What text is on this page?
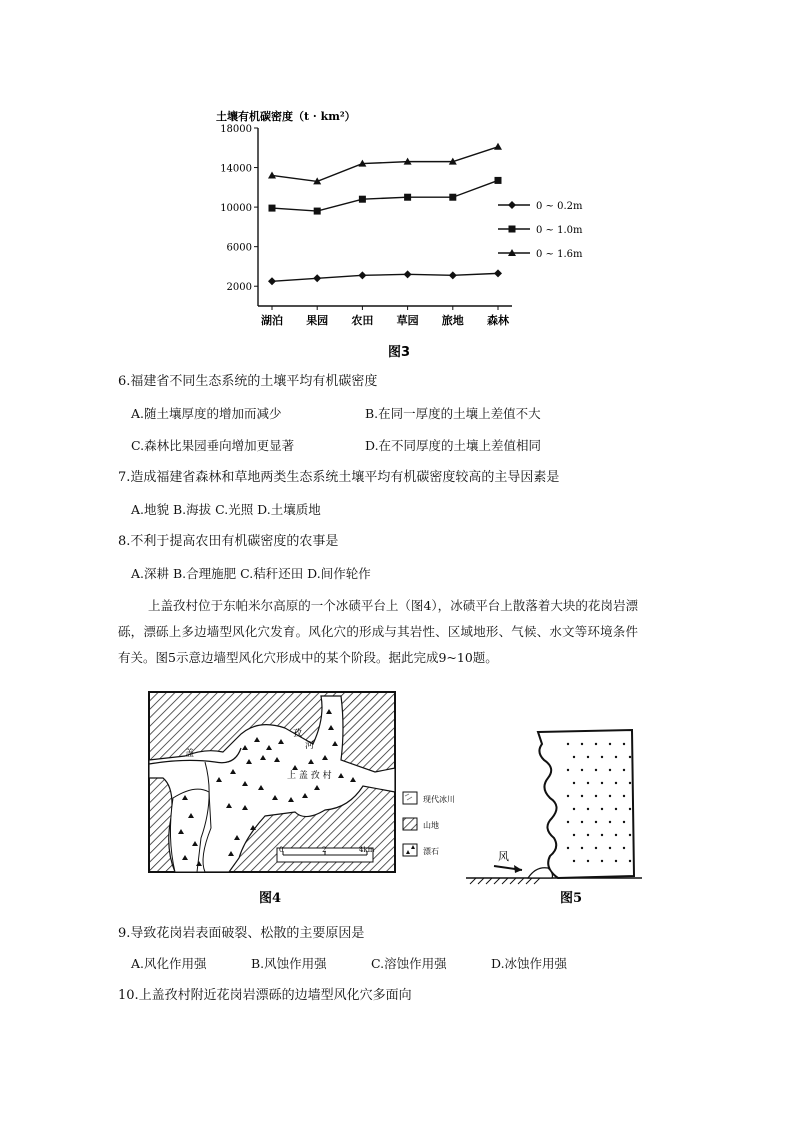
土壤有机碳密度（t · km²）
2000
6000
10000
14000
18000
湖泊 果园 农田 草园 旅地 森林
0 ~ 0.2m
0 ~ 1.0m
0 ~ 1.6m
图3
6.福建省不同生态系统的土壤平均有机碳密度
A.随土壤厚度的增加而减少	B.在同一厚度的土壤上差值不大
C.森林比果园垂向增加更显著	D.在不同厚度的土壤上差值相同
7.造成福建省森林和草地两类生态系统土壤平均有机碳密度较高的主导因素是
A.地貌 B.海拔 C.光照 D.土壤质地
8.不利于提高农田有机碳密度的农事是
A.深耕 B.合理施肥 C.秸秆还田 D.间作轮作
上盖孜村位于东帕米尔高原的一个冰碛平台上（图4），冰碛平台上散落着大块的花岗岩漂砾，漂砾上多边墙型风化穴发育。风化穴的形成与其岩性、区域地形、气候、水文等环境条件有关。图5示意边墙型风化穴形成中的某个阶段。据此完成9~10题。
盖
孜
河
上 盖 孜 村
0	2	4km
现代冰川
山地
漂石
图4
风
图5
9.导致花岗岩表面破裂、松散的主要原因是
A.风化作用强	B.风蚀作用强	C.溶蚀作用强	D.冰蚀作用强
10.上盖孜村附近花岗岩漂砾的边墙型风化穴多面向
